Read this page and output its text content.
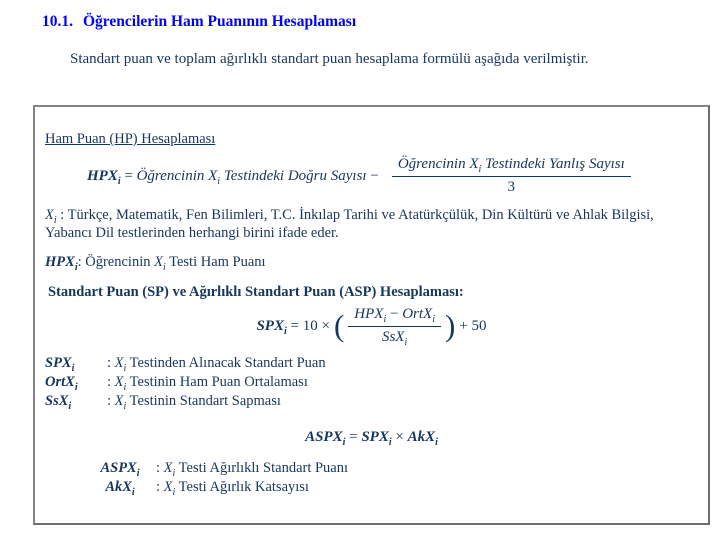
10.1. Öğrencilerin Ham Puanının Hesaplaması
Standart puan ve toplam ağırlıklı standart puan hesaplama formülü aşağıda verilmiştir.
Ham Puan (HP) Hesaplaması
$HPX_i$ = Öğrencinin $X_i$ Testindeki Doğru Sayısı − $\frac{Öğrencinin X_i Testindeki Yanlış Sayısı}{3}$
$X_i$ : Türkçe, Matematik, Fen Bilimleri, T.C. İnkılap Tarihi ve Atatürkçülük, Din Kültürü ve Ahlak Bilgisi, Yabancı Dil testlerinden herhangi birini ifade eder.
$HPX_i$: Öğrencinin $X_i$ Testi Ham Puanı
Standart Puan (SP) ve Ağırlıklı Standart Puan (ASP) Hesaplaması:
$SPX_i = 10$ × ( $\frac{HPX_i - OrtX_i}{SsX_i}$ ) + 50
$SPX_i$	: $X_i$ Testinden Alınacak Standart Puan
OrtX$_i$	: $X_i$ Testinin Ham Puan Ortalaması
SsX$_i$	: $X_i$ Testinin Standart Sapması
$ASPX_i = SPX_i \times AkX_i$
$ASPX_i$	: $X_i$ Testi Ağırlıklı Standart Puanı
AkX$_i$	: $X_i$ Testi Ağırlık Katsayısı
